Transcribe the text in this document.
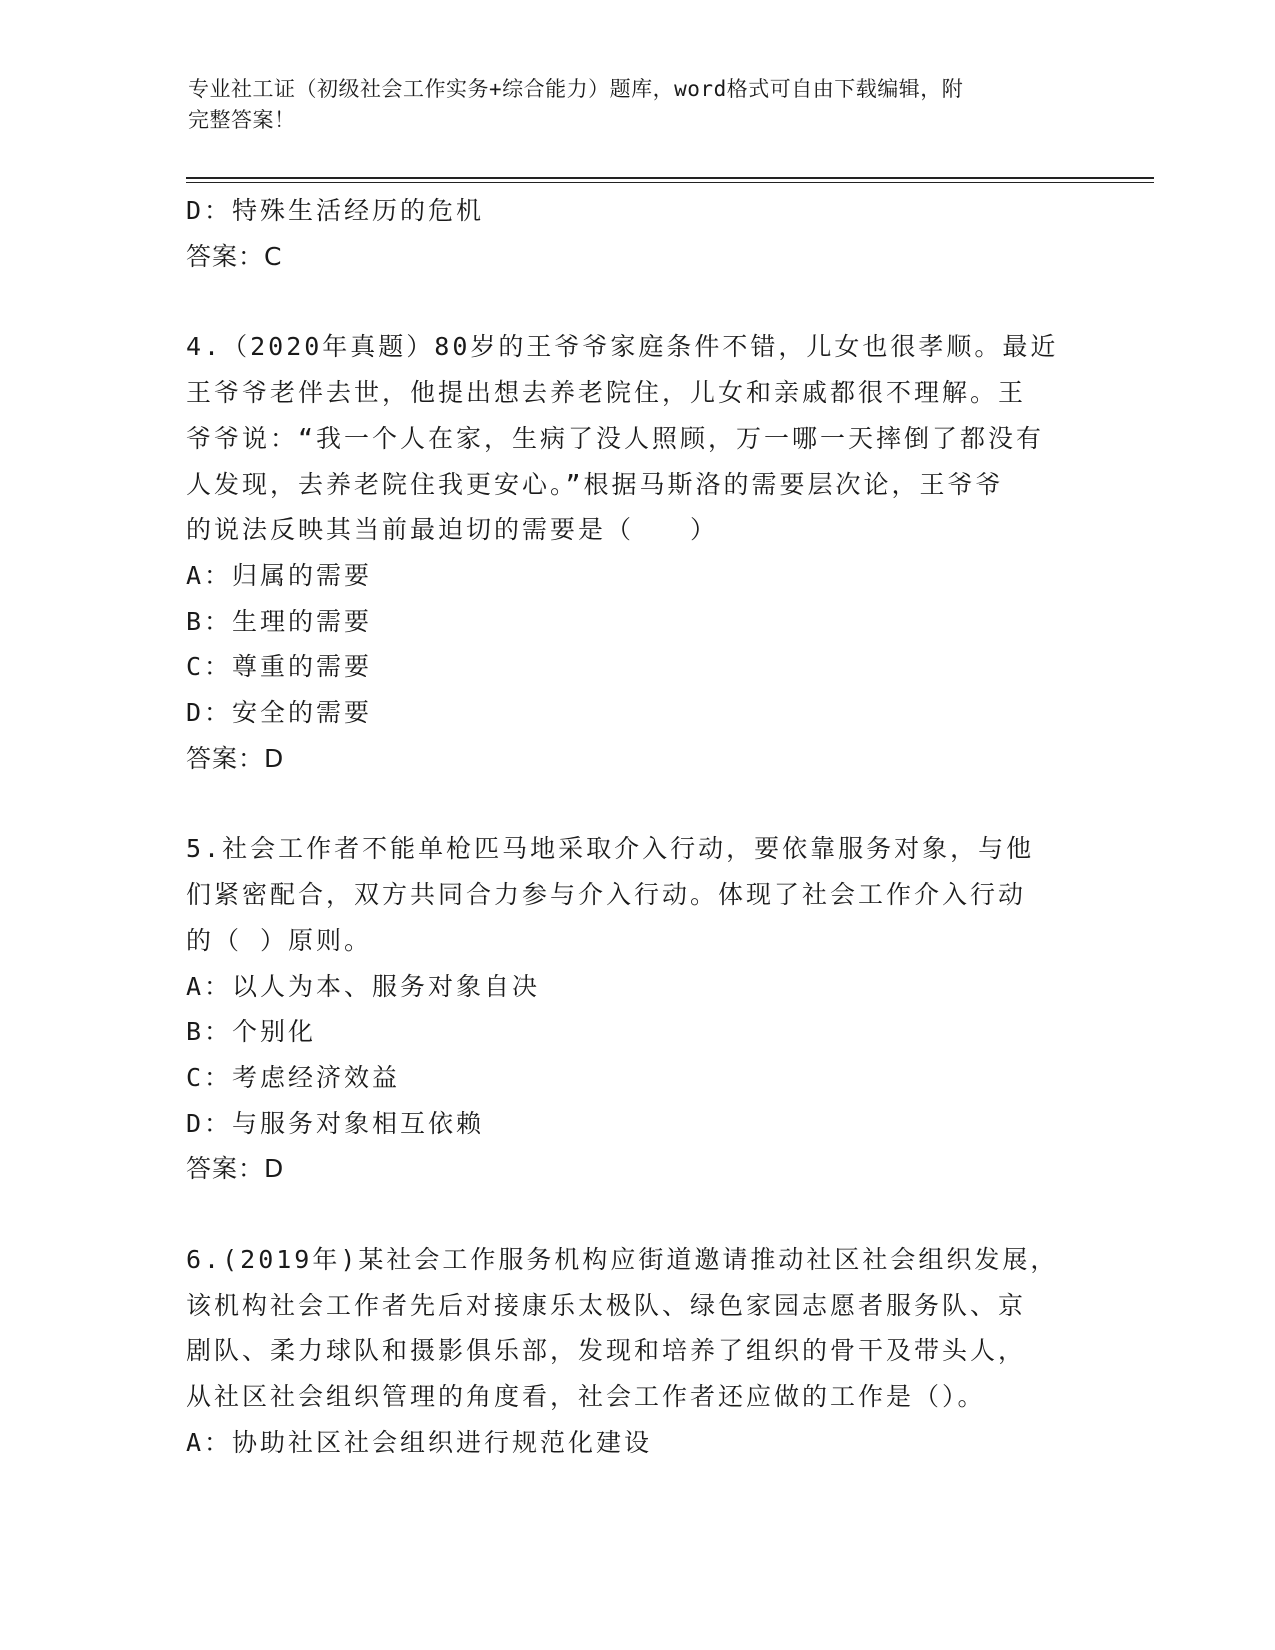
专业社工证（初级社会工作实务+综合能力）题库，word格式可自由下载编辑，附
完整答案！
D：特殊生活经历的危机
答案：C
4.（2020年真题）80岁的王爷爷家庭条件不错，儿女也很孝顺。最近
王爷爷老伴去世，他提出想去养老院住，儿女和亲戚都很不理解。王
爷爷说：“我一个人在家，生病了没人照顾，万一哪一天摔倒了都没有
人发现，去养老院住我更安心。”根据马斯洛的需要层次论，王爷爷
的说法反映其当前最迫切的需要是（　　）
A：归属的需要
B：生理的需要
C：尊重的需要
D：安全的需要
答案：D
5.社会工作者不能单枪匹马地采取介入行动，要依靠服务对象，与他
们紧密配合，双方共同合力参与介入行动。体现了社会工作介入行动
的（ ）原则。
A：以人为本、服务对象自决
B：个别化
C：考虑经济效益
D：与服务对象相互依赖
答案：D
6.(2019年)某社会工作服务机构应街道邀请推动社区社会组织发展，
该机构社会工作者先后对接康乐太极队、绿色家园志愿者服务队、京
剧队、柔力球队和摄影俱乐部，发现和培养了组织的骨干及带头人，
从社区社会组织管理的角度看，社会工作者还应做的工作是（）。
A：协助社区社会组织进行规范化建设
